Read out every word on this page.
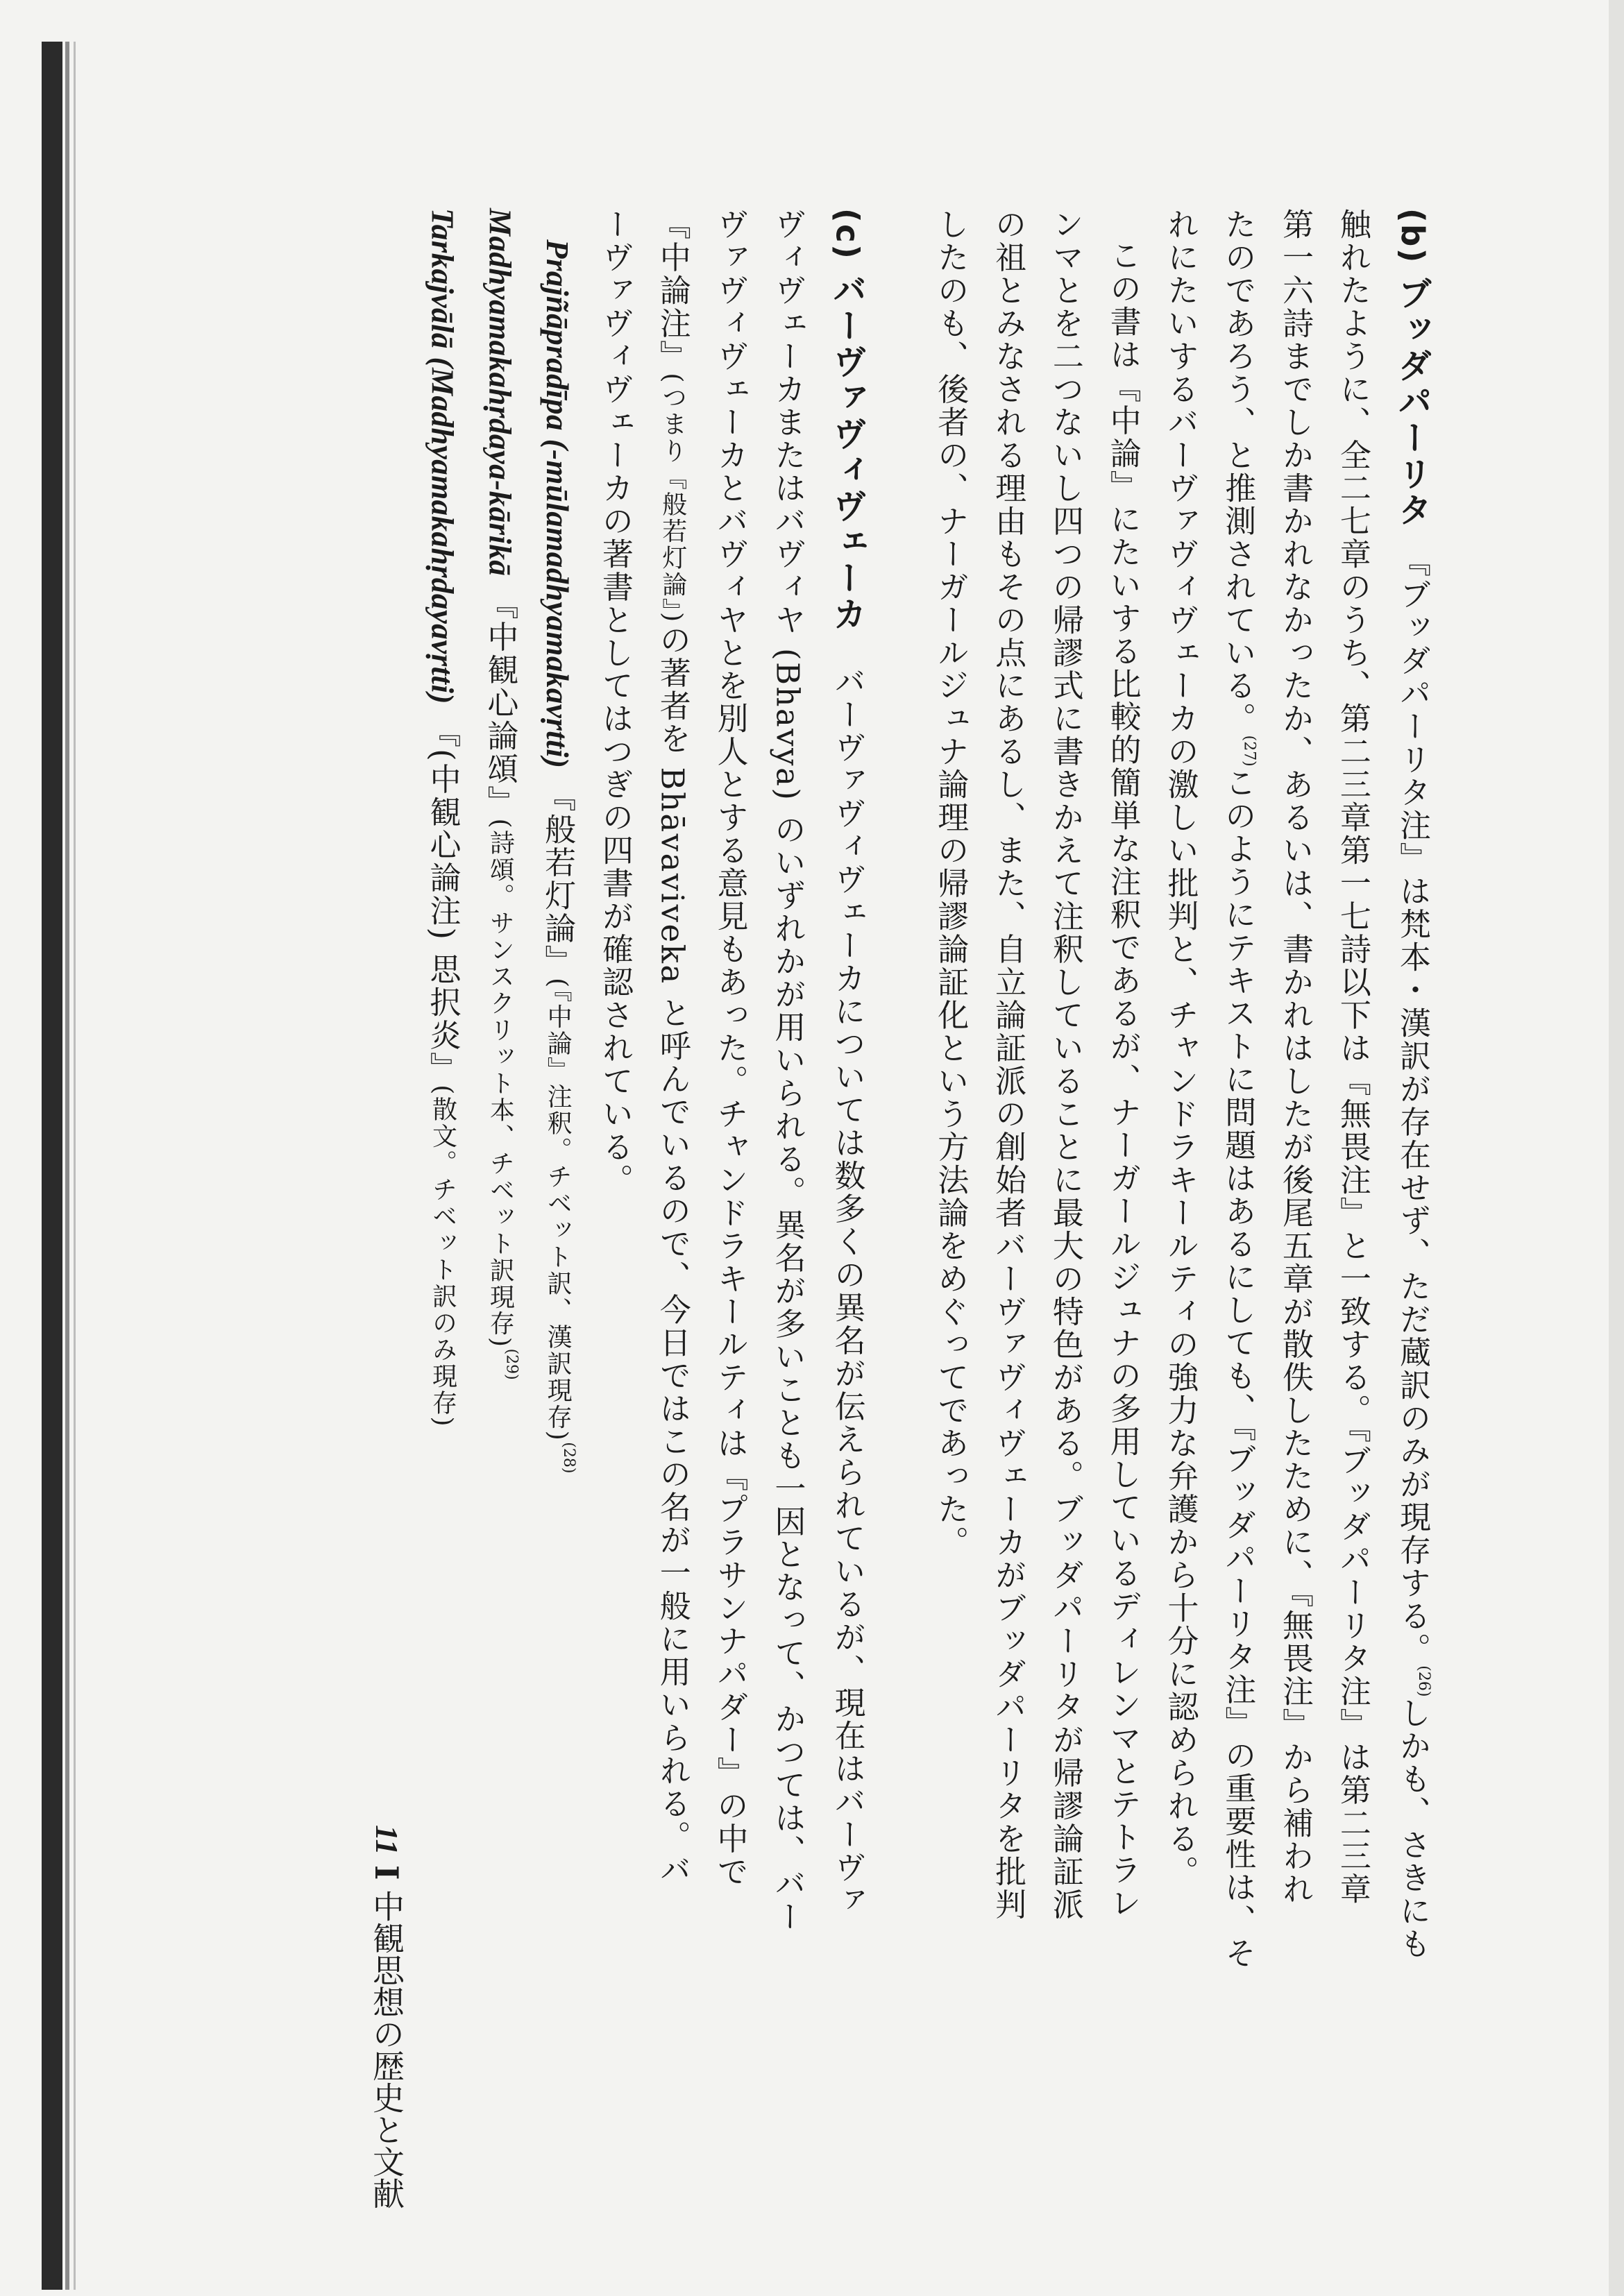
(b) ブッダパーリタ　『ブッダパーリタ注』は梵本・漢訳が存在せず、ただ蔵訳のみが現存する。$^{(26)}$しかも、さきにも
触れたように、全二七章のうち、第二三章第一七詩以下は『無畏注』と一致する。『ブッダパーリタ注』は第二三章
第一六詩までしか書かれなかったか、あるいは、書かれはしたが後尾五章が散佚したために、『無畏注』から補われ
たのであろう、と推測されている。$^{(27)}$このようにテキストに問題はあるにしても、『ブッダパーリタ注』の重要性は、そ
れにたいするバーヴァヴィヴェーカの激しい批判と、チャンドラキールティの強力な弁護から十分に認められる。
この書は『中論』にたいする比較的簡単な注釈であるが、ナーガールジュナの多用しているディレンマとテトラレ
ンマとを二つないし四つの帰謬式に書きかえて注釈していることに最大の特色がある。ブッダパーリタが帰謬論証派
の祖とみなされる理由もその点にあるし、また、自立論証派の創始者バーヴァヴィヴェーカがブッダパーリタを批判
したのも、後者の、ナーガールジュナ論理の帰謬論証化という方法論をめぐってであった。
(c) バーヴァヴィヴェーカ　バーヴァヴィヴェーカについては数多くの異名が伝えられているが、現在はバーヴァ
ヴィヴェーカまたはバヴィヤ (Bhavya) のいずれかが用いられる。異名が多いことも一因となって、かつては、バー
ヴァヴィヴェーカとバヴィヤとを別人とする意見もあった。チャンドラキールティは『プラサンナパダー』の中で
『中論注』(つまり『般若灯論』)の著者を Bhāvaviveka と呼んでいるので、今日ではこの名が一般に用いられる。バ
ーヴァヴィヴェーカの著書としてはつぎの四書が確認されている。
Prajñāpradīpa (-mūlamadhyamakavṛtti) 『般若灯論』(『中論』注釈。チベット訳、漢訳現存)$^{(28)}$
Madhyamakahṛdaya-kārikā 『中観心論頌』(詩頌。サンスクリット本、チベット訳現存)$^{(29)}$
Tarkajvālā (Madhyamakahṛdayavṛtti) 『(中観心論注) 思択炎』(散文。チベット訳のみ現存)
11 I 中観思想の歴史と文献
